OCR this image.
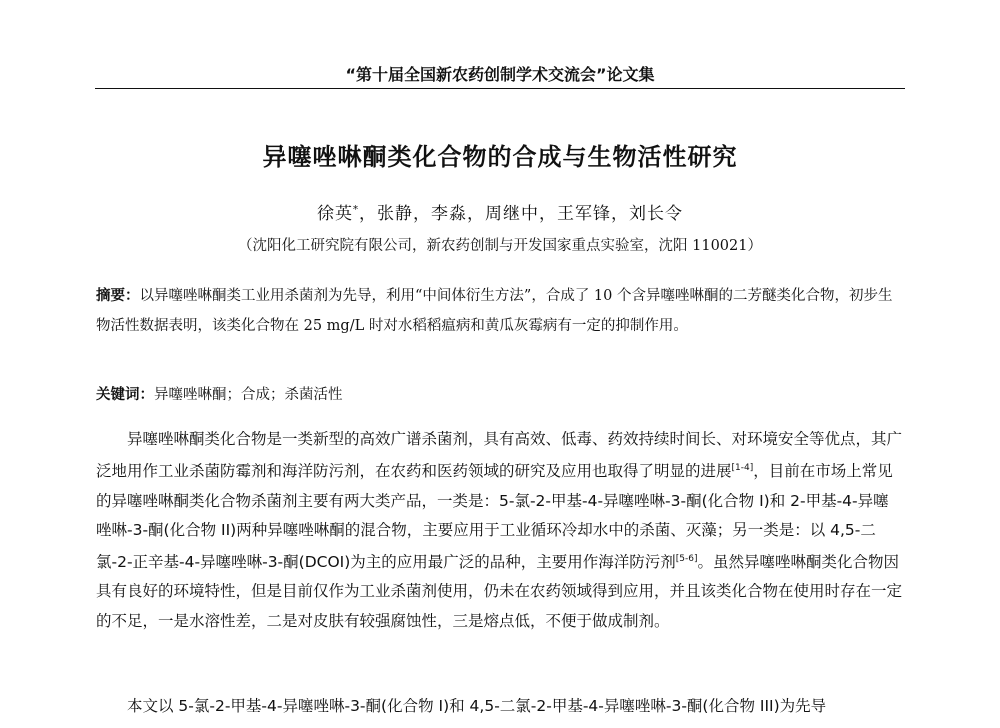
“第十届全国新农药创制学术交流会”论文集
异噻唑啉酮类化合物的合成与生物活性研究
徐英*，张静，李淼，周继中，王军锋，刘长令
（沈阳化工研究院有限公司，新农药创制与开发国家重点实验室，沈阳 110021）
摘要：以异噻唑啉酮类工业用杀菌剂为先导，利用“中间体衍生方法”，合成了 10 个含异噻唑啉酮的二芳醚类化合物，初步生物活性数据表明，该类化合物在 25 mg/L 时对水稻稻瘟病和黄瓜灰霉病有一定的抑制作用。
关键词：异噻唑啉酮；合成；杀菌活性

异噻唑啉酮类化合物是一类新型的高效广谱杀菌剂，具有高效、低毒、药效持续时间长、对环境安全等优点，其广泛地用作工业杀菌防霉剂和海洋防污剂，在农药和医药领域的研究及应用也取得了明显的进展[1-4]，目前在市场上常见的异噻唑啉酮类化合物杀菌剂主要有两大类产品，一类是：5-氯-2-甲基-4-异噻唑啉-3-酮(化合物 I)和 2-甲基-4-异噻唑啉-3-酮(化合物 II)两种异噻唑啉酮的混合物，主要应用于工业循环冷却水中的杀菌、灭藻；另一类是：以 4,5-二氯-2-正辛基-4-异噻唑啉-3-酮(DCOI)为主的应用最广泛的品种，主要用作海洋防污剂[5-6]。虽然异噻唑啉酮类化合物因具有良好的环境特性，但是目前仅作为工业杀菌剂使用，仍未在农药领域得到应用，并且该类化合物在使用时存在一定的不足，一是水溶性差，二是对皮肤有较强腐蚀性，三是熔点低，不便于做成制剂。

本文以 5-氯-2-甲基-4-异噻唑啉-3-酮(化合物 I)和 4,5-二氯-2-甲基-4-异噻唑啉-3-酮(化合物 III)为先导
